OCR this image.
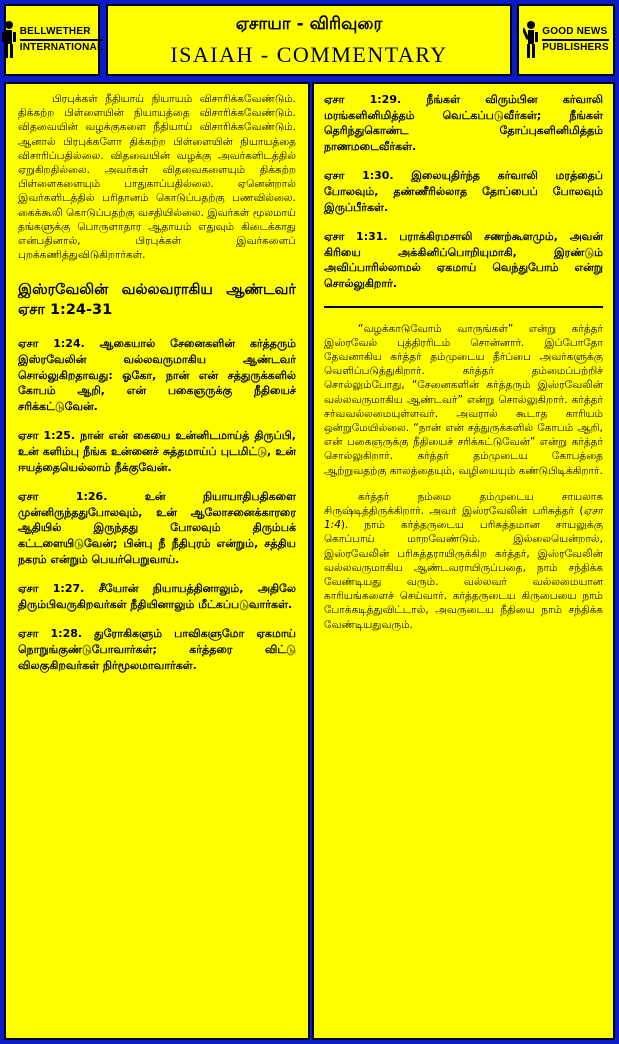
BELLWETHER
INTERNATIONAL
ஏசாயா - விரிவுரை
ISAIAH - COMMENTARY
GOOD NEWS
PUBLISHERS

பிரபுக்கள் நீதியாய் நியாயம் விசாரிக்கவேண்டும். திக்கற்ற பிள்ளையின் நியாயத்தை விசாரிக்கவேண்டும். விதவையின் வழக்குகளை நீதியாய் விசாரிக்கவேண்டும். ஆனால் பிரபுக்களோ திக்கற்ற பிள்ளையின் நியாயத்தை விசாரிப்பதில்லை. விதவையின் வழக்கு அவர்களிடத்தில் ஏறுகிறதில்லை. அவர்கள் விதவைகளையும் திக்கற்ற பிள்ளைகளையும் பாதுகாப்பதில்லை. ஏனென்றால் இவர்களிடத்தில் பரிதானம் கொடுப்பதற்கு பணவில்லை. கைக்கூலி கொடுப்பதற்கு வசதியில்லை. இவர்கள் மூலமாய் தங்களுக்கு பொருளாதார ஆதாயம் எதுவும் கிடைக்காது என்பதினால், பிரபுக்கள் இவர்களைப் புறக்கணித்துவிடுகிறார்கள்.

இஸ்ரவேலின் வல்லவராகிய ஆண்டவர் ஏசா 1:24-31

ஏசா 1:24. ஆகையால் சேனைகளின் கர்த்தரும் இஸ்ரவேலின் வல்லவருமாகிய ஆண்டவர் சொல்லுகிறதாவது: ஓகோ, நான் என் சத்துருக்களில் கோபம் ஆறி, என் பகைஞருக்கு நீதியைச் சரிக்கட்டுவேன்.

ஏசா 1:25. நான் என் கையை உன்னிடமாய்த் திருப்பி, உன் களிம்பு நீங்க உன்னைச் சுத்தமாய்ப் புடமிட்டு, உன் ஈயத்தையெல்லாம் நீக்குவேன்.

ஏசா 1:26. உன் நியாயாதிபதிகளை முன்னிருந்ததுபோலவும், உன் ஆலோசனைக்காரரை ஆதியில் இருந்தது போலவும் திரும்பக் கட்டளையிடுவேன்; பின்பு நீ நீதிபுரம் என்றும், சத்திய நகரம் என்றும் பெயர்பெறுவாய்.

ஏசா 1:27. சீயோன் நியாயத்தினாலும், அதிலே திரும்பிவருகிறவர்கள் நீதியினாலும் மீட்கப்படுவார்கள்.

ஏசா 1:28. துரோகிகளும் பாவிகளுமோ ஏகமாய் நொறுங்குண்டுபோவார்கள்; கர்த்தரை விட்டு விலகுகிறவர்கள் நிர்மூலமாவார்கள்.

ஏசா 1:29. நீங்கள் விரும்பின கர்வாலி மரங்களினிமித்தம் வெட்கப்படுவீர்கள்; நீங்கள் தெரிந்துகொண்ட தோப்புகளினிமித்தம் நாணமடைவீர்கள்.

ஏசா 1:30. இலையுதிர்ந்த கர்வாலி மரத்தைப் போலவும், தண்ணீரில்லாத தோப்பைப் போலவும் இருப்பீர்கள்.

ஏசா 1:31. பராக்கிரமசாலி சணற்கூளமும், அவன் கிரியை அக்கினிப்பொறியுமாகி, இரண்டும் அவிப்பாரில்லாமல் ஏகமாய் வெந்துபோம் என்று சொல்லுகிறார்.

“வழக்காடுவோம் வாருங்கள்” என்று கர்த்தர் இஸ்ரவேல் புத்திரரிடம் சொன்னார். இப்போதோ தேவனாகிய கர்த்தர் தம்முடைய தீர்ப்பை அவர்களுக்கு வெளிப்படுத்துகிறார். கர்த்தர் தம்மைப்பற்றிச் சொல்லும்போது, “சேனைகளின் கர்த்தரும் இஸ்ரவேலின் வல்லவருமாகிய ஆண்டவர்” என்று சொல்லுகிறார். கர்த்தர் சர்வவல்லமையுள்ளவர். அவரால் கூடாத காரியம் ஒன்றுமேயில்லை. “நான் என் சத்துருக்களில் கோபம் ஆறி, என் பகைஞருக்கு நீதியைச் சரிக்கட்டுவேன்” என்று கர்த்தர் சொல்லுகிறார். கர்த்தர் தம்முடைய கோபத்தை ஆற்றுவதற்கு காலத்தையும், வழியையும் கண்டுபிடிக்கிறார்.

கர்த்தர் நம்மை தம்முடைய சாயலாக சிருஷ்டித்திருக்கிறார். அவர் இஸ்ரவேலின் பரிசுத்தர் (ஏசா 1:4). நாம் கர்த்தருடைய பரிசுத்தமான சாயலுக்கு கொப்பாய் மாறவேண்டும். இல்லையென்றால், இஸ்ரவேலின் பரிசுத்தராயிருக்கிற கர்த்தர், இஸ்ரவேலின் வல்லவருமாகிய ஆண்டவராயிருப்பதை, நாம் சந்திக்க வேண்டியது வரும். வல்லவர் வல்லமையான காரியங்களைச் செய்வார். கர்த்தருடைய கிருபையை நாம் போக்கடித்துவிட்டால், அவருடைய நீதியை நாம் சந்திக்க வேண்டியதுவரும்.
